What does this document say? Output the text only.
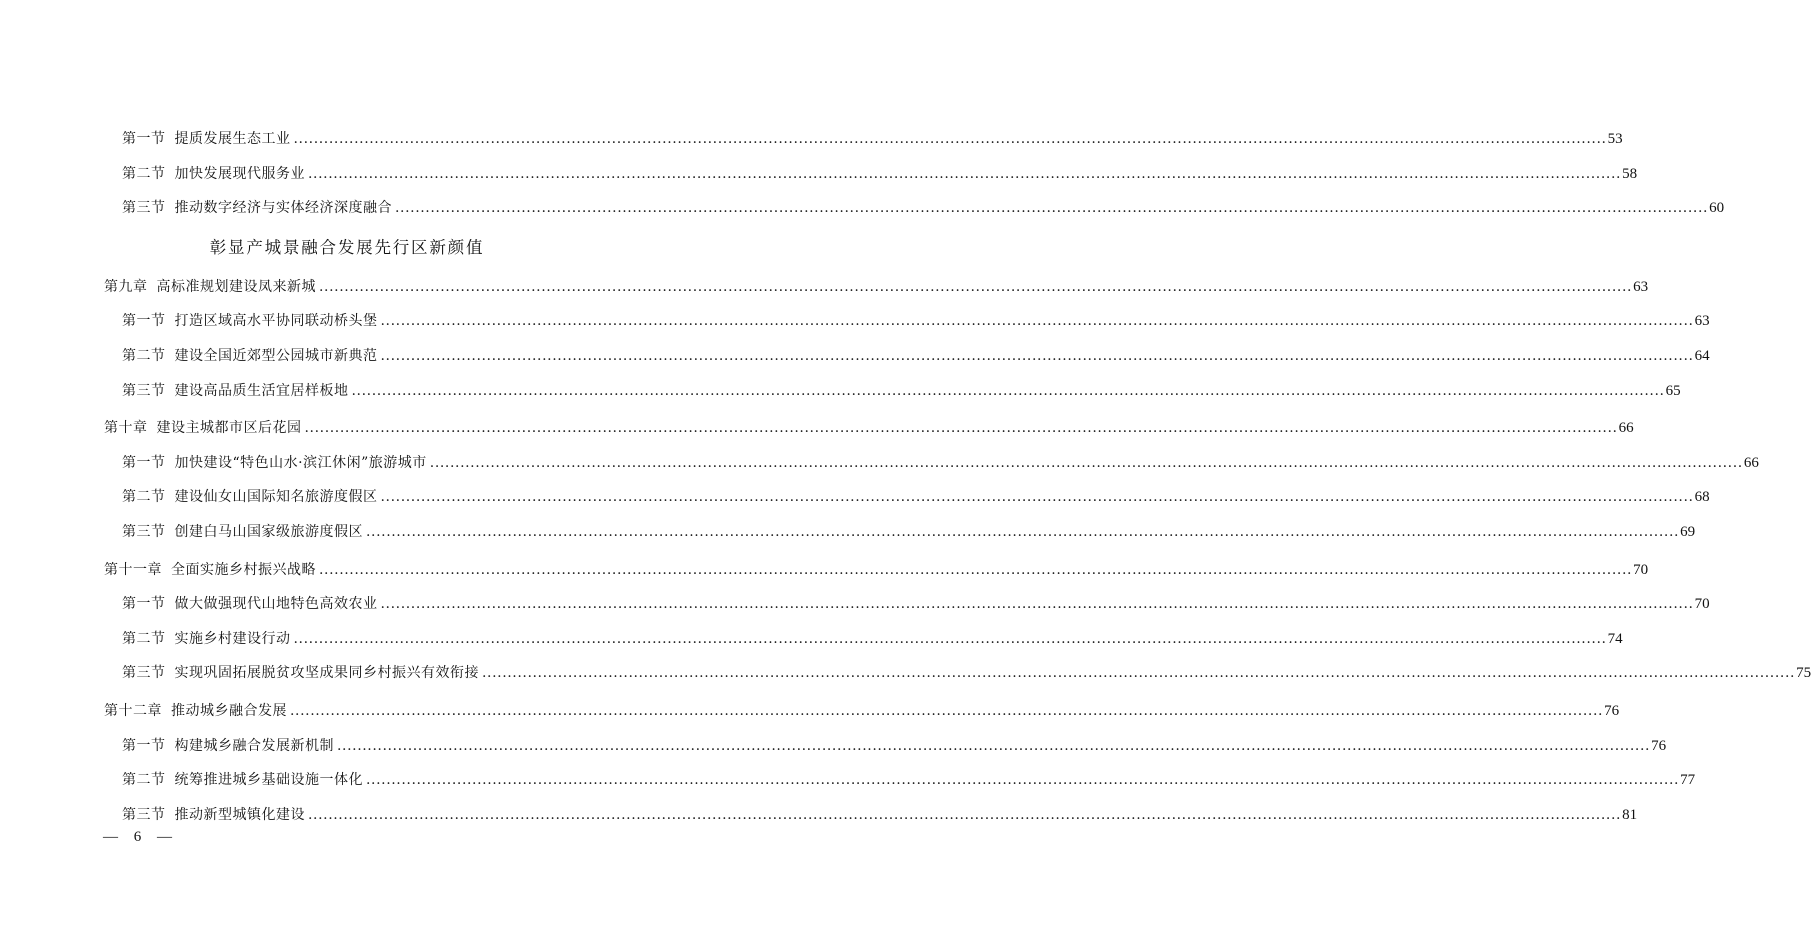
第一节 提质发展生态工业 .................................................................................................................................................................................................................................................................... 53
第二节 加快发展现代服务业 .................................................................................................................................................................................................................................................................... 58
第三节 推动数字经济与实体经济深度融合 .................................................................................................................................................................................................................................................................... 60
彰显产城景融合发展先行区新颜值
第九章 高标准规划建设凤来新城 .................................................................................................................................................................................................................................................................... 63
第一节 打造区域高水平协同联动桥头堡 .................................................................................................................................................................................................................................................................... 63
第二节 建设全国近郊型公园城市新典范 .................................................................................................................................................................................................................................................................... 64
第三节 建设高品质生活宜居样板地 .................................................................................................................................................................................................................................................................... 65
第十章 建设主城都市区后花园 .................................................................................................................................................................................................................................................................... 66
第一节 加快建设“特色山水·滨江休闲”旅游城市 .................................................................................................................................................................................................................................................................... 66
第二节 建设仙女山国际知名旅游度假区 .................................................................................................................................................................................................................................................................... 68
第三节 创建白马山国家级旅游度假区 .................................................................................................................................................................................................................................................................... 69
第十一章 全面实施乡村振兴战略 .................................................................................................................................................................................................................................................................... 70
第一节 做大做强现代山地特色高效农业 .................................................................................................................................................................................................................................................................... 70
第二节 实施乡村建设行动 .................................................................................................................................................................................................................................................................... 74
第三节 实现巩固拓展脱贫攻坚成果同乡村振兴有效衔接 .................................................................................................................................................................................................................................................................... 75
第十二章 推动城乡融合发展 .................................................................................................................................................................................................................................................................... 76
第一节 构建城乡融合发展新机制 .................................................................................................................................................................................................................................................................... 76
第二节 统筹推进城乡基础设施一体化 .................................................................................................................................................................................................................................................................... 77
第三节 推动新型城镇化建设 .................................................................................................................................................................................................................................................................... 81
— 6 —
